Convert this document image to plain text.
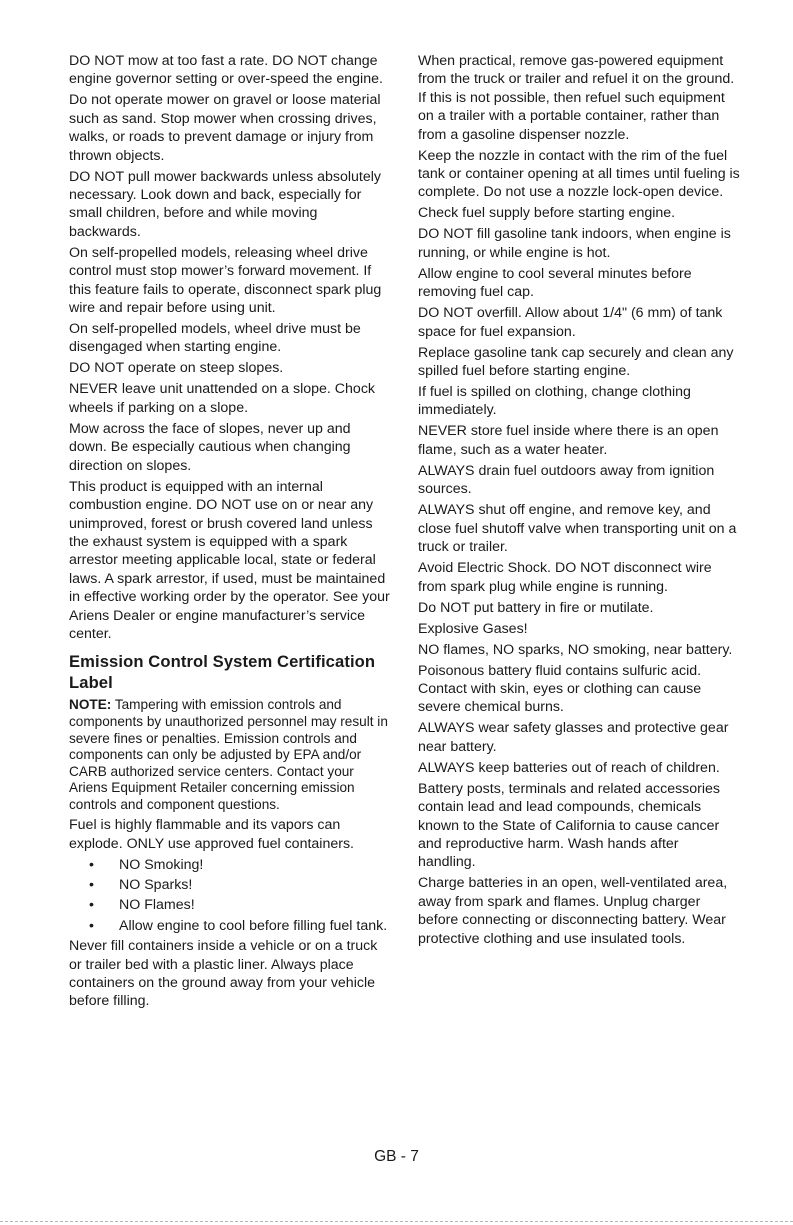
DO NOT mow at too fast a rate. DO NOT change engine governor setting or over-speed the engine.

Do not operate mower on gravel or loose material such as sand. Stop mower when crossing drives, walks, or roads to prevent damage or injury from thrown objects.

DO NOT pull mower backwards unless absolutely necessary. Look down and back, especially for small children, before and while moving backwards.

On self-propelled models, releasing wheel drive control must stop mower’s forward movement. If this feature fails to operate, disconnect spark plug wire and repair before using unit.

On self-propelled models, wheel drive must be disengaged when starting engine.

DO NOT operate on steep slopes.

NEVER leave unit unattended on a slope. Chock wheels if parking on a slope.

Mow across the face of slopes, never up and down. Be especially cautious when changing direction on slopes.

This product is equipped with an internal combustion engine. DO NOT use on or near any unimproved, forest or brush covered land unless the exhaust system is equipped with a spark arrestor meeting applicable local, state or federal laws. A spark arrestor, if used, must be maintained in effective working order by the operator. See your Ariens Dealer or engine manufacturer’s service center.

Emission Control System Certification Label

NOTE: Tampering with emission controls and components by unauthorized personnel may result in severe fines or penalties. Emission controls and components can only be adjusted by EPA and/or CARB authorized service centers. Contact your Ariens Equipment Retailer concerning emission controls and component questions.

Fuel is highly flammable and its vapors can explode. ONLY use approved fuel containers.

• NO Smoking!
• NO Sparks!
• NO Flames!
• Allow engine to cool before filling fuel tank.

Never fill containers inside a vehicle or on a truck or trailer bed with a plastic liner. Always place containers on the ground away from your vehicle before filling.

When practical, remove gas-powered equipment from the truck or trailer and refuel it on the ground. If this is not possible, then refuel such equipment on a trailer with a portable container, rather than from a gasoline dispenser nozzle.

Keep the nozzle in contact with the rim of the fuel tank or container opening at all times until fueling is complete. Do not use a nozzle lock-open device.

Check fuel supply before starting engine.

DO NOT fill gasoline tank indoors, when engine is running, or while engine is hot.

Allow engine to cool several minutes before removing fuel cap.

DO NOT overfill. Allow about 1/4" (6 mm) of tank space for fuel expansion.

Replace gasoline tank cap securely and clean any spilled fuel before starting engine.

If fuel is spilled on clothing, change clothing immediately.

NEVER store fuel inside where there is an open flame, such as a water heater.

ALWAYS drain fuel outdoors away from ignition sources.

ALWAYS shut off engine, and remove key, and close fuel shutoff valve when transporting unit on a truck or trailer.

Avoid Electric Shock. DO NOT disconnect wire from spark plug while engine is running.

Do NOT put battery in fire or mutilate.

Explosive Gases!

NO flames, NO sparks, NO smoking, near battery.

Poisonous battery fluid contains sulfuric acid. Contact with skin, eyes or clothing can cause severe chemical burns.

ALWAYS wear safety glasses and protective gear near battery.

ALWAYS keep batteries out of reach of children.

Battery posts, terminals and related accessories contain lead and lead compounds, chemicals known to the State of California to cause cancer and reproductive harm. Wash hands after handling.

Charge batteries in an open, well-ventilated area, away from spark and flames. Unplug charger before connecting or disconnecting battery. Wear protective clothing and use insulated tools.

GB - 7
